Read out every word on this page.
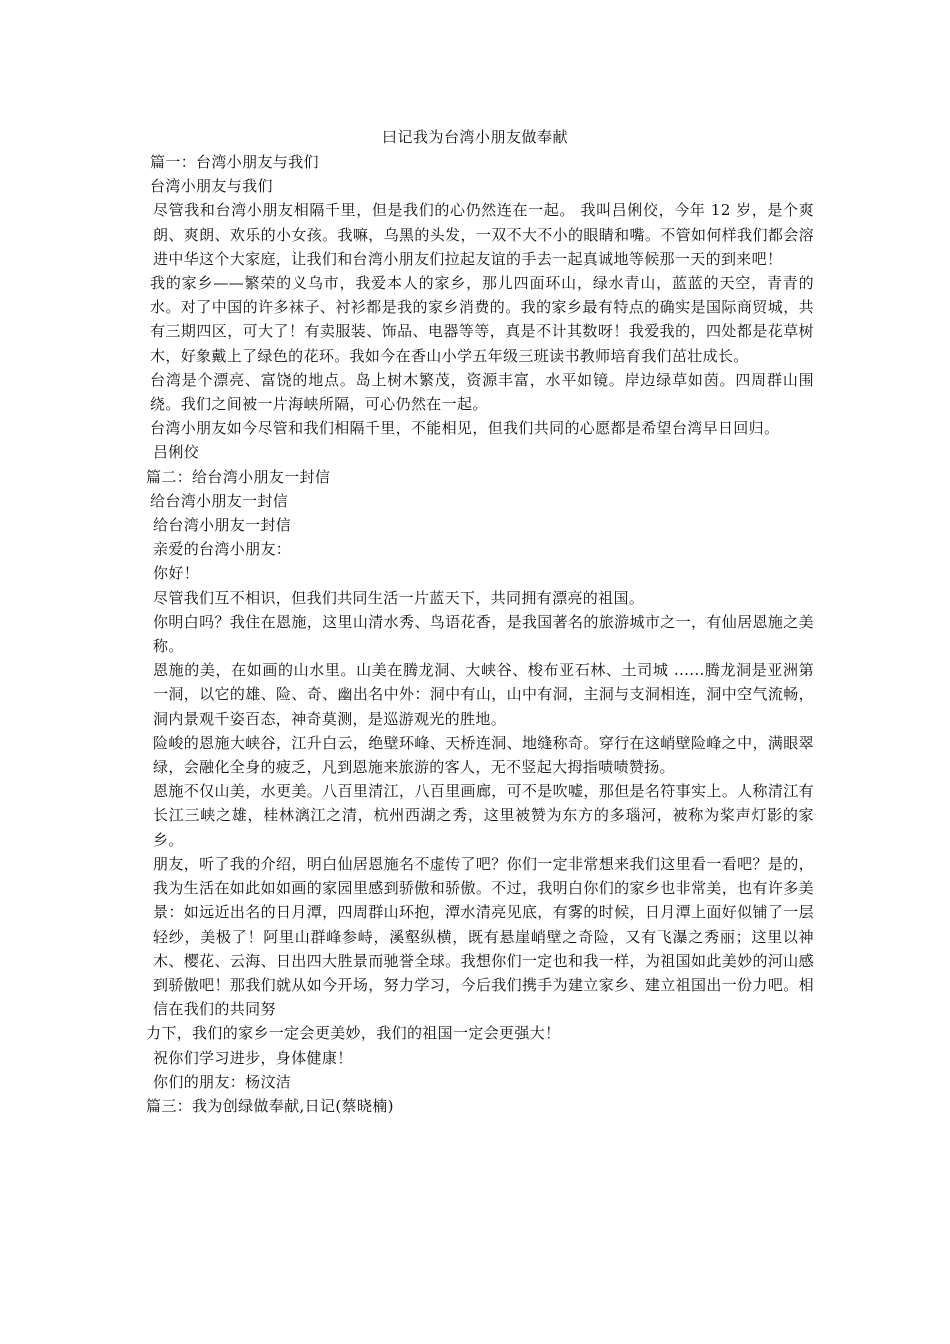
曰记我为台湾小朋友做奉献

篇一：台湾小朋友与我们

台湾小朋友与我们

尽管我和台湾小朋友相隔千里，但是我们的心仍然连在一起。 我叫吕俐佼，今年 12 岁，是个爽朗、爽朗、欢乐的小女孩。我嘛，乌黑的头发，一双不大不小的眼睛和嘴。不管如何样我们都会溶进中华这个大家庭，让我们和台湾小朋友们拉起友谊的手去一起真诚地等候那一天的到来吧！

我的家乡——繁荣的义乌市，我爱本人的家乡，那儿四面环山，绿水青山，蓝蓝的天空，青青的水。对了中国的许多袜子、衬衫都是我的家乡消费的。我的家乡最有特点的确实是国际商贸城，共有三期四区，可大了！有卖服装、饰品、电器等等，真是不计其数呀！我爱我的，四处都是花草树木，好象戴上了绿色的花环。我如今在香山小学五年级三班读书教师培育我们茁壮成长。

台湾是个漂亮、富饶的地点。岛上树木繁茂，资源丰富，水平如镜。岸边绿草如茵。四周群山围绕。我们之间被一片海峡所隔，可心仍然在一起。

台湾小朋友如今尽管和我们相隔千里，不能相见，但我们共同的心愿都是希望台湾早日回归。

吕俐佼

篇二：给台湾小朋友一封信

给台湾小朋友一封信

给台湾小朋友一封信

亲爱的台湾小朋友：

你好！

尽管我们互不相识，但我们共同生活一片蓝天下，共同拥有漂亮的祖国。

你明白吗？我住在恩施，这里山清水秀、鸟语花香，是我国著名的旅游城市之一，有仙居恩施之美称。

恩施的美，在如画的山水里。山美在腾龙洞、大峡谷、梭布亚石林、土司城 ......腾龙洞是亚洲第一洞，以它的雄、险、奇、幽出名中外：洞中有山，山中有洞，主洞与支洞相连，洞中空气流畅，洞内景观千姿百态，神奇莫测，是巡游观光的胜地。

险峻的恩施大峡谷，江升白云，绝壁环峰、天桥连洞、地缝称奇。穿行在这峭壁险峰之中，满眼翠绿，会融化全身的疲乏，凡到恩施来旅游的客人，无不竖起大拇指啧啧赞扬。

恩施不仅山美，水更美。八百里清江，八百里画廊，可不是吹嘘，那但是名符事实上。人称清江有长江三峡之雄，桂林漓江之清，杭州西湖之秀，这里被赞为东方的多瑙河，被称为桨声灯影的家乡。

朋友，听了我的介绍，明白仙居恩施名不虚传了吧？你们一定非常想来我们这里看一看吧？是的，我为生活在如此如如画的家园里感到骄傲和骄傲。不过，我明白你们的家乡也非常美，也有许多美景：如远近出名的日月潭，四周群山环抱，潭水清亮见底，有雾的时候，日月潭上面好似铺了一层轻纱，美极了！阿里山群峰参峙，溪壑纵横，既有悬崖峭壁之奇险，又有飞瀑之秀丽；这里以神木、樱花、云海、日出四大胜景而驰誉全球。我想你们一定也和我一样，为祖国如此美妙的河山感到骄傲吧！那我们就从如今开场，努力学习，今后我们携手为建立家乡、建立祖国出一份力吧。相信在我们的共同努

力下，我们的家乡一定会更美妙，我们的祖国一定会更强大！

祝你们学习进步，身体健康！

你们的朋友：杨汶洁

篇三：我为创绿做奉献,日记(蔡晓楠)
